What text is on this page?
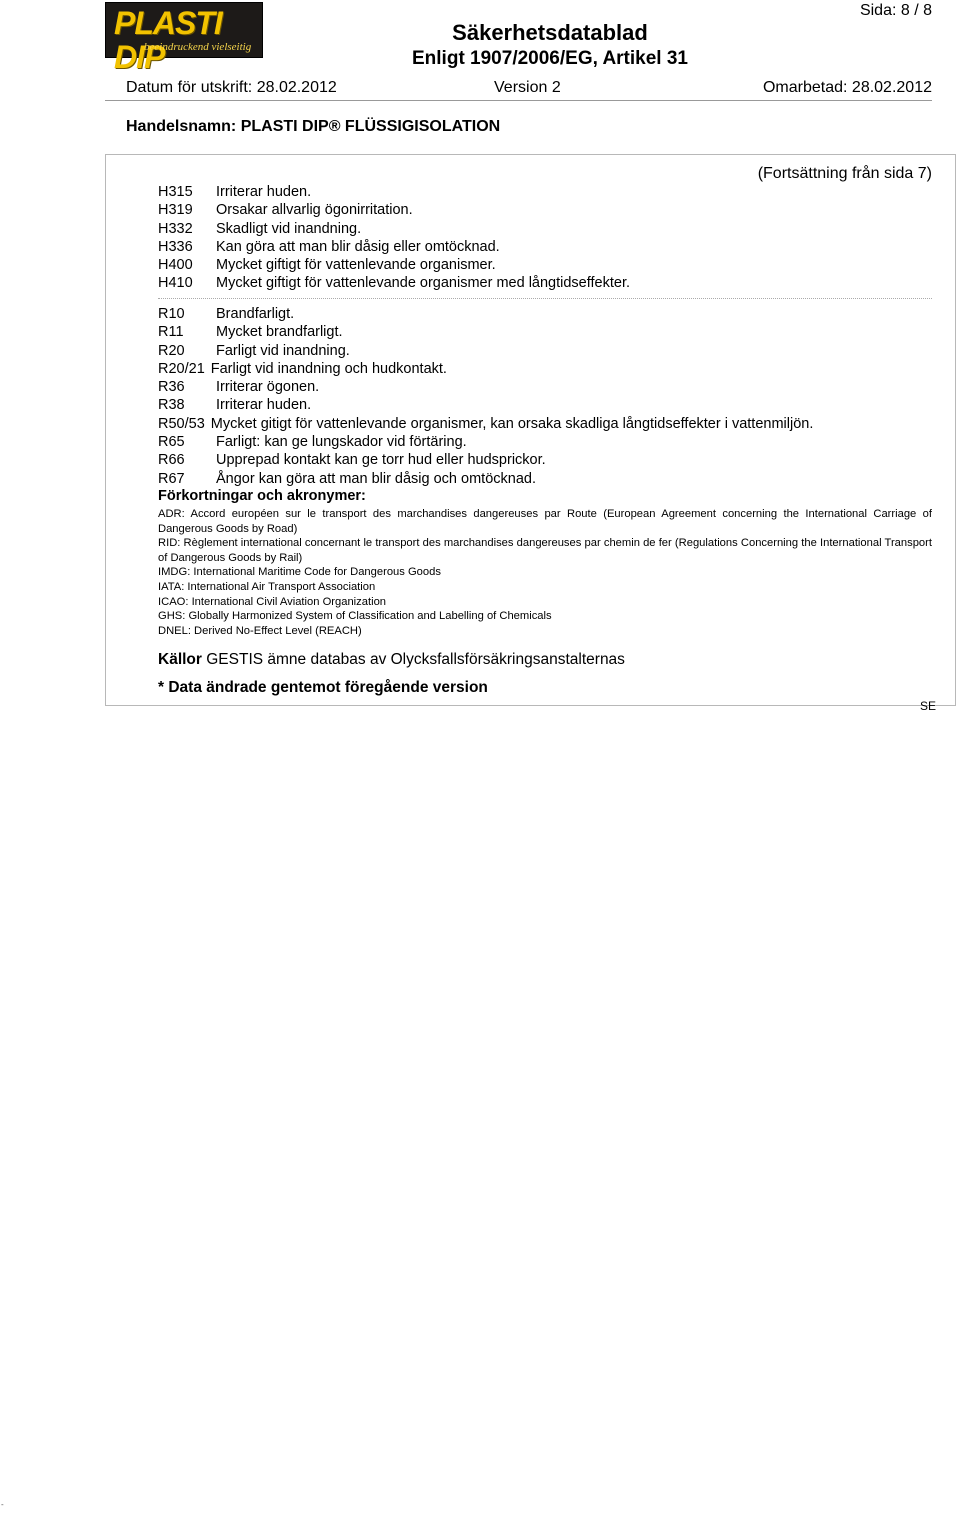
PLASTI DIP
beeindruckend vielseitig
Säkerhetsdatablad
Enligt 1907/2006/EG, Artikel 31
Sida: 8 / 8
Datum för utskrift: 28.02.2012	Version 2	Omarbetad: 28.02.2012
Handelsnamn: PLASTI DIP® FLÜSSIGISOLATION
(Fortsättning från sida 7)
H315	Irriterar huden.
H319	Orsakar allvarlig ögonirritation.
H332	Skadligt vid inandning.
H336	Kan göra att man blir dåsig eller omtöcknad.
H400	Mycket giftigt för vattenlevande organismer.
H410	Mycket giftigt för vattenlevande organismer med långtidseffekter.
R10	Brandfarligt.
R11	Mycket brandfarligt.
R20	Farligt vid inandning.
R20/21 Farligt vid inandning och hudkontakt.
R36	Irriterar ögonen.
R38	Irriterar huden.
R50/53 Mycket gitigt för vattenlevande organismer, kan orsaka skadliga långtidseffekter i vattenmiljön.
R65	Farligt: kan ge lungskador vid förtäring.
R66	Upprepad kontakt kan ge torr hud eller hudsprickor.
R67	Ångor kan göra att man blir dåsig och omtöcknad.
Förkortningar och akronymer:

ADR: Accord européen sur le transport des marchandises dangereuses par Route (European Agreement concerning the International Carriage of Dangerous Goods by Road)

RID: Règlement international concernant le transport des marchandises dangereuses par chemin de fer (Regulations Concerning the International Transport of Dangerous Goods by Rail)

IMDG: International Maritime Code for Dangerous Goods

IATA: International Air Transport Association

ICAO: International Civil Aviation Organization

GHS: Globally Harmonized System of Classification and Labelling of Chemicals

DNEL: Derived No-Effect Level (REACH)

Källor GESTIS ämne databas av Olycksfallsförsäkringsanstalternas
* Data ändrade gentemot föregående version
SE
-
